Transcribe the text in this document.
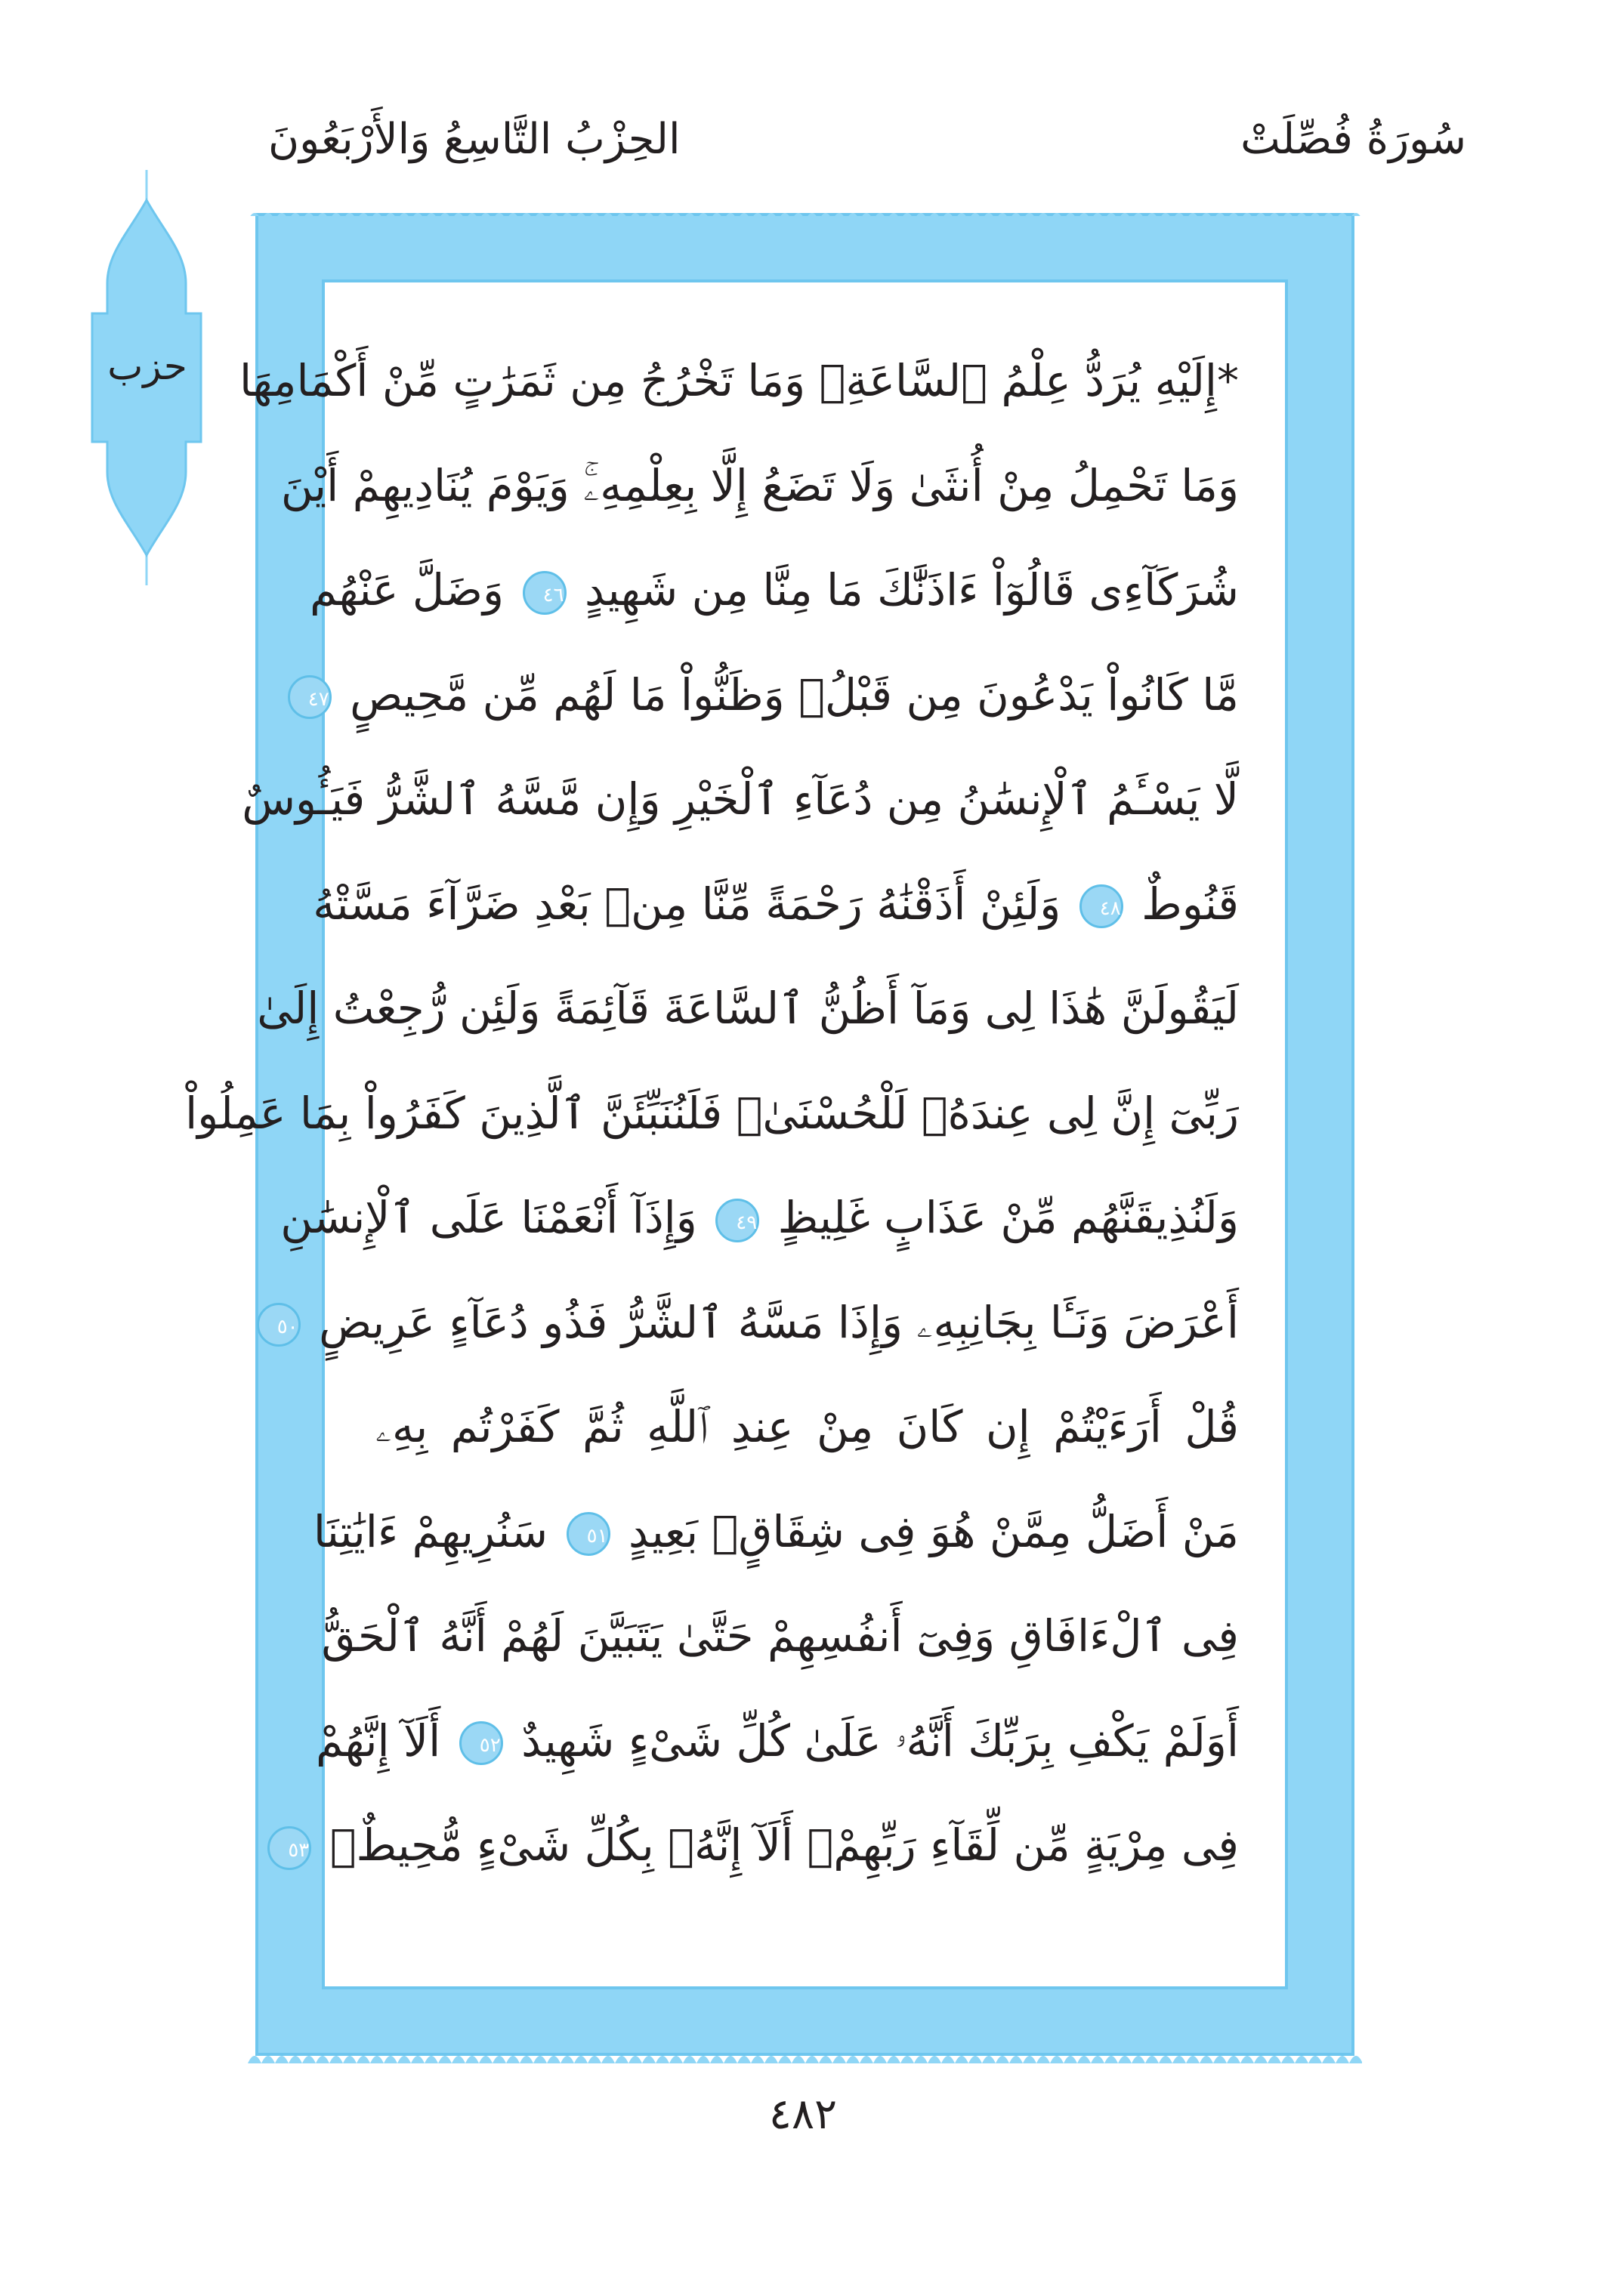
سُورَةُ فُصِّلَتْ
الحِزْبُ التَّاسِعُ وَالأَرْبَعُونَ
حزب	*إِلَيْهِ يُرَدُّ عِلْمُ ٱلسَّاعَةِۚ وَمَا تَخْرُجُ مِن ثَمَرَٰتٍ مِّنْ أَكْمَامِهَا
وَمَا تَحْمِلُ مِنْ أُنثَىٰ وَلَا تَضَعُ إِلَّا بِعِلْمِهِۦۚ وَيَوْمَ يُنَادِيهِمْ أَيْنَ
شُرَكَآءِى قَالُوٓاْ ءَاذَنَّٰكَ مَا مِنَّا مِن شَهِيدٍ ٤٦ وَضَلَّ عَنْهُم
مَّا كَانُواْ يَدْعُونَ مِن قَبْلُۖ وَظَنُّواْ مَا لَهُم مِّن مَّحِيصٍ ٤٧
لَّا يَسْـَٔمُ ٱلْإِنسَٰنُ مِن دُعَآءِ ٱلْخَيْرِ وَإِن مَّسَّهُ ٱلشَّرُّ فَيَـُٔوسٌ
قَنُوطٌ ٤٨ وَلَئِنْ أَذَقْنَٰهُ رَحْمَةً مِّنَّا مِنۢ بَعْدِ ضَرَّآءَ مَسَّتْهُ
لَيَقُولَنَّ هَٰذَا لِى وَمَآ أَظُنُّ ٱلسَّاعَةَ قَآئِمَةً وَلَئِن رُّجِعْتُ إِلَىٰ
رَبِّىٓ إِنَّ لِى عِندَهُۥ لَلْحُسْنَىٰۚ فَلَنُنَبِّئَنَّ ٱلَّذِينَ كَفَرُواْ بِمَا عَمِلُواْ
وَلَنُذِيقَنَّهُم مِّنْ عَذَابٍ غَلِيظٍ ٤٩ وَإِذَآ أَنْعَمْنَا عَلَى ٱلْإِنسَٰنِ
أَعْرَضَ وَنَـَٔا بِجَانِبِهِۦ وَإِذَا مَسَّهُ ٱلشَّرُّ فَذُو دُعَآءٍ عَرِيضٍ ٥٠
قُلْ أَرَءَيْتُمْ إِن كَانَ مِنْ عِندِ ٱللَّهِ ثُمَّ كَفَرْتُم بِهِۦ
مَنْ أَضَلُّ مِمَّنْ هُوَ فِى شِقَاقٍۭ بَعِيدٍ ٥١ سَنُرِيهِمْ ءَايَٰتِنَا
فِى ٱلْءَافَاقِ وَفِىٓ أَنفُسِهِمْ حَتَّىٰ يَتَبَيَّنَ لَهُمْ أَنَّهُ ٱلْحَقُّ
أَوَلَمْ يَكْفِ بِرَبِّكَ أَنَّهُۥ عَلَىٰ كُلِّ شَىْءٍ شَهِيدٌ ٥٢ أَلَآ إِنَّهُمْ
فِى مِرْيَةٍ مِّن لِّقَآءِ رَبِّهِمْۗ أَلَآ إِنَّهُۥ بِكُلِّ شَىْءٍ مُّحِيطٌۢ ٥٣
٤٨٢
